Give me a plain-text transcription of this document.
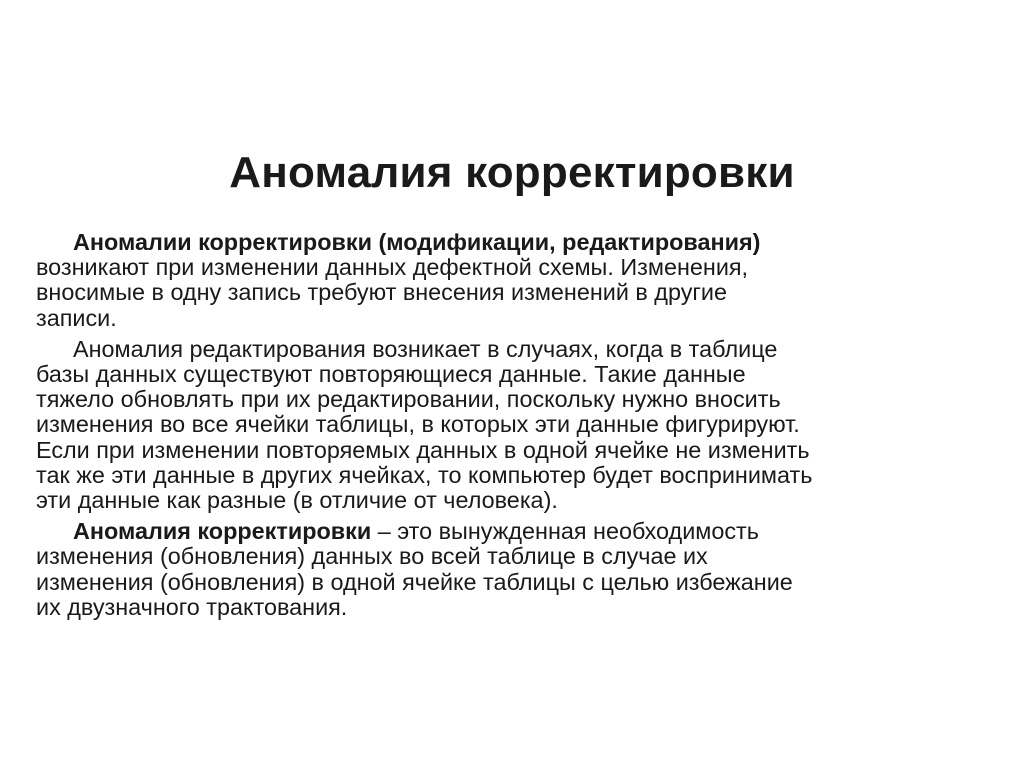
Аномалия корректировки
Аномалии корректировки (модификации, редактирования)
возникают при изменении данных дефектной схемы. Изменения,
вносимые в одну запись требуют внесения изменений в другие
записи.
Аномалия редактирования возникает в случаях, когда в таблице
базы данных существуют повторяющиеся данные. Такие данные
тяжело обновлять при их редактировании, поскольку нужно вносить
изменения во все ячейки таблицы, в которых эти данные фигурируют.
Если при изменении повторяемых данных в одной ячейке не изменить
так же эти данные в других ячейках, то компьютер будет воспринимать
эти данные как разные (в отличие от человека).
Аномалия корректировки – это вынужденная необходимость
изменения (обновления) данных во всей таблице в случае их
изменения (обновления) в одной ячейке таблицы с целью избежание
их двузначного трактования.
